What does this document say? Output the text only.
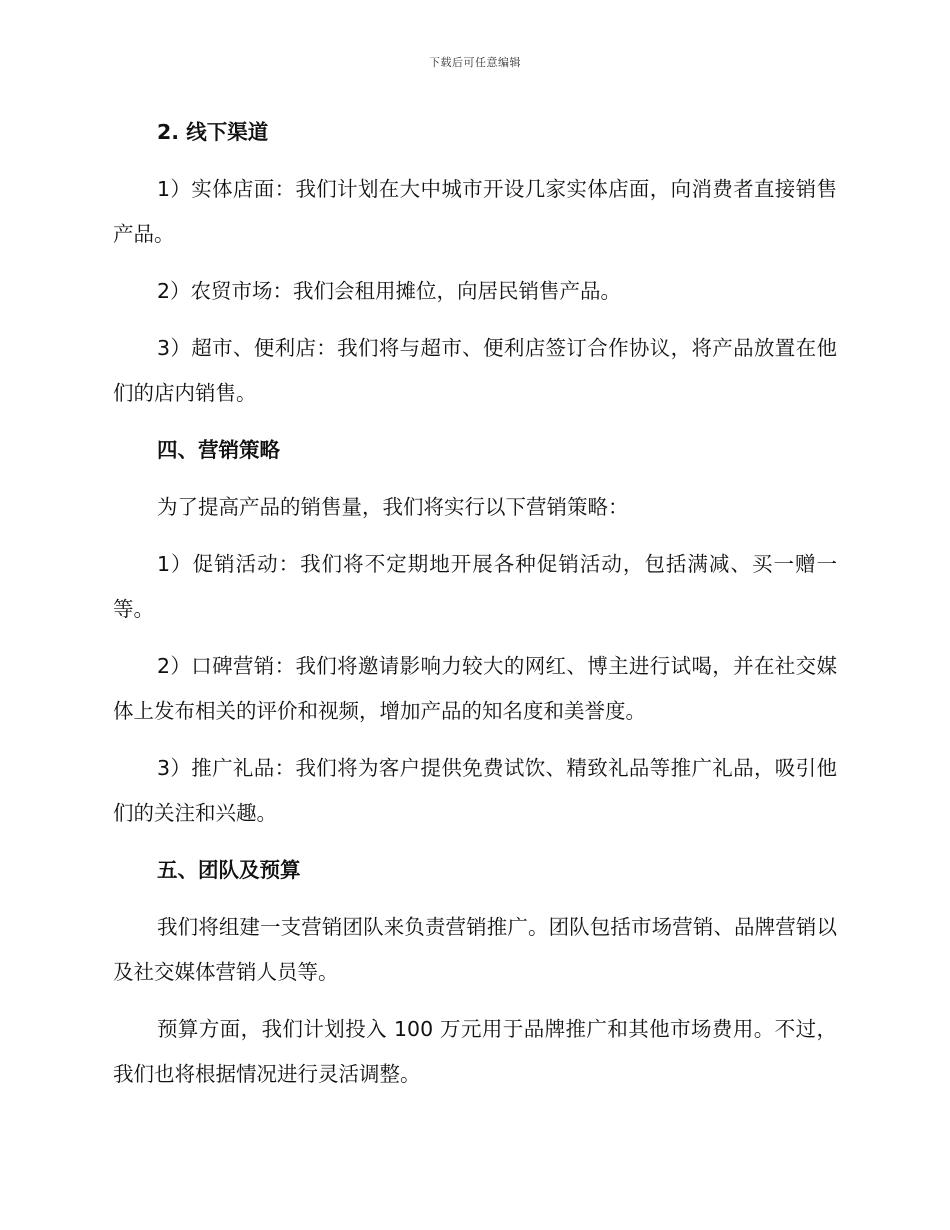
下载后可任意编辑
2. 线下渠道

1）实体店面：我们计划在大中城市开设几家实体店面，向消费者直接销售产品。

2）农贸市场：我们会租用摊位，向居民销售产品。

3）超市、便利店：我们将与超市、便利店签订合作协议，将产品放置在他们的店内销售。

四、营销策略

为了提高产品的销售量，我们将实行以下营销策略：

1）促销活动：我们将不定期地开展各种促销活动，包括满减、买一赠一等。

2）口碑营销：我们将邀请影响力较大的网红、博主进行试喝，并在社交媒体上发布相关的评价和视频，增加产品的知名度和美誉度。

3）推广礼品：我们将为客户提供免费试饮、精致礼品等推广礼品，吸引他们的关注和兴趣。

五、团队及预算

我们将组建一支营销团队来负责营销推广。团队包括市场营销、品牌营销以及社交媒体营销人员等。

预算方面，我们计划投入 100 万元用于品牌推广和其他市场费用。不过，我们也将根据情况进行灵活调整。
